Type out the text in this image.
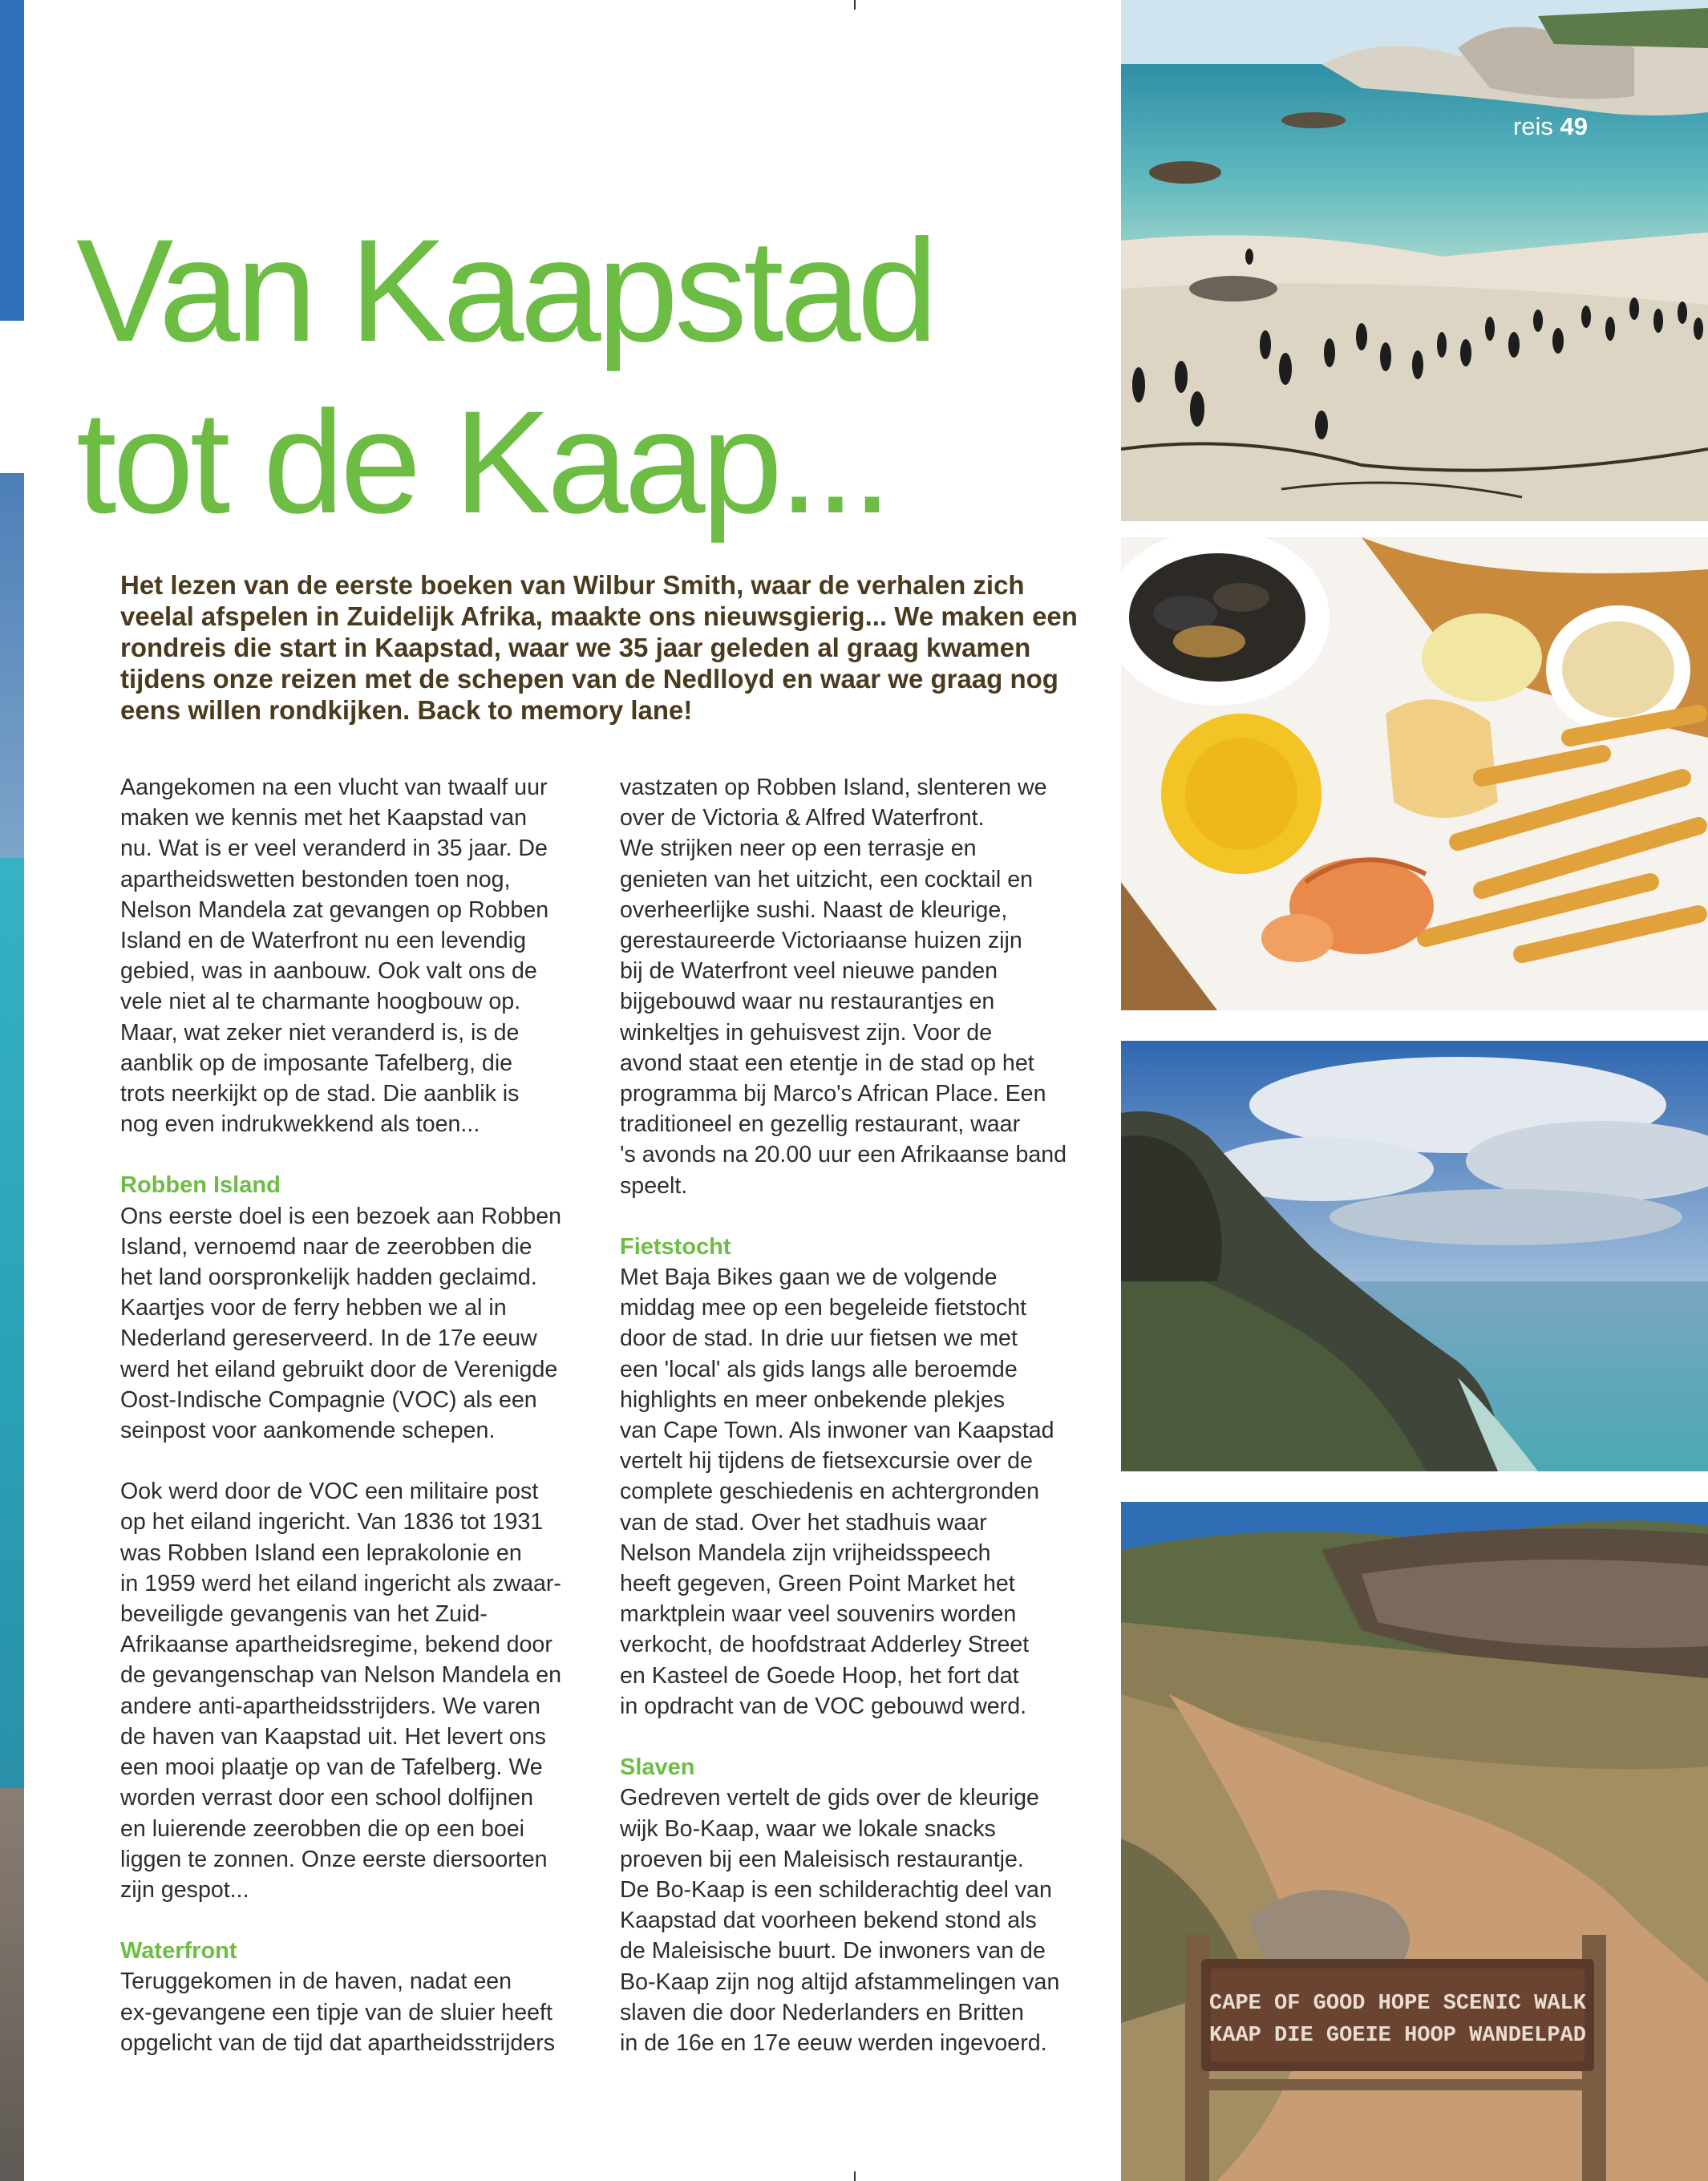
Van Kaapstad
tot de Kaap...

Het lezen van de eerste boeken van Wilbur Smith, waar de verhalen zich veelal afspelen in Zuidelijk Afrika, maakte ons nieuwsgierig... We maken een rondreis die start in Kaapstad, waar we 35 jaar geleden al graag kwamen tijdens onze reizen met de schepen van de Nedlloyd en waar we graag nog eens willen rondkijken. Back to memory lane!

Aangekomen na een vlucht van twaalf uur
maken we kennis met het Kaapstad van
nu. Wat is er veel veranderd in 35 jaar. De
apartheidswetten bestonden toen nog,
Nelson Mandela zat gevangen op Robben
Island en de Waterfront nu een levendig
gebied, was in aanbouw. Ook valt ons de
vele niet al te charmante hoogbouw op.
Maar, wat zeker niet veranderd is, is de
aanblik op de imposante Tafelberg, die
trots neerkijkt op de stad. Die aanblik is
nog even indrukwekkend als toen...

Robben Island

Ons eerste doel is een bezoek aan Robben
Island, vernoemd naar de zeerobben die
het land oorspronkelijk hadden geclaimd.
Kaartjes voor de ferry hebben we al in
Nederland gereserveerd. In de 17e eeuw
werd het eiland gebruikt door de Verenigde
Oost-Indische Compagnie (VOC) als een
seinpost voor aankomende schepen.

Ook werd door de VOC een militaire post
op het eiland ingericht. Van 1836 tot 1931
was Robben Island een leprakolonie en
in 1959 werd het eiland ingericht als zwaar-
beveiligde gevangenis van het Zuid-
Afrikaanse apartheidsregime, bekend door
de gevangenschap van Nelson Mandela en
andere anti-apartheidsstrijders. We varen
de haven van Kaapstad uit. Het levert ons
een mooi plaatje op van de Tafelberg. We
worden verrast door een school dolfijnen
en luierende zeerobben die op een boei
liggen te zonnen. Onze eerste diersoorten
zijn gespot...

Waterfront

Teruggekomen in de haven, nadat een
ex-gevangene een tipje van de sluier heeft
opgelicht van de tijd dat apartheidsstrijders

vastzaten op Robben Island, slenteren we
over de Victoria & Alfred Waterfront.
We strijken neer op een terrasje en
genieten van het uitzicht, een cocktail en
overheerlijke sushi. Naast de kleurige,
gerestaureerde Victoriaanse huizen zijn
bij de Waterfront veel nieuwe panden
bijgebouwd waar nu restaurantjes en
winkeltjes in gehuisvest zijn. Voor de
avond staat een etentje in de stad op het
programma bij Marco's African Place. Een
traditioneel en gezellig restaurant, waar
's avonds na 20.00 uur een Afrikaanse band
speelt.

Fietstocht

Met Baja Bikes gaan we de volgende
middag mee op een begeleide fietstocht
door de stad. In drie uur fietsen we met
een 'local' als gids langs alle beroemde
highlights en meer onbekende plekjes
van Cape Town. Als inwoner van Kaapstad
vertelt hij tijdens de fietsexcursie over de
complete geschiedenis en achtergronden
van de stad. Over het stadhuis waar
Nelson Mandela zijn vrijheidsspeech
heeft gegeven, Green Point Market het
marktplein waar veel souvenirs worden
verkocht, de hoofdstraat Adderley Street
en Kasteel de Goede Hoop, het fort dat
in opdracht van de VOC gebouwd werd.

Slaven

Gedreven vertelt de gids over de kleurige
wijk Bo-Kaap, waar we lokale snacks
proeven bij een Maleisisch restaurantje.
De Bo-Kaap is een schilderachtig deel van
Kaapstad dat voorheen bekend stond als
de Maleisische buurt. De inwoners van de
Bo-Kaap zijn nog altijd afstammelingen van
slaven die door Nederlanders en Britten
in de 16e en 17e eeuw werden ingevoerd.

reis 49
CAPE OF GOOD HOPE SCENIC WALK
KAAP DIE GOEIE HOOP WANDELPAD
